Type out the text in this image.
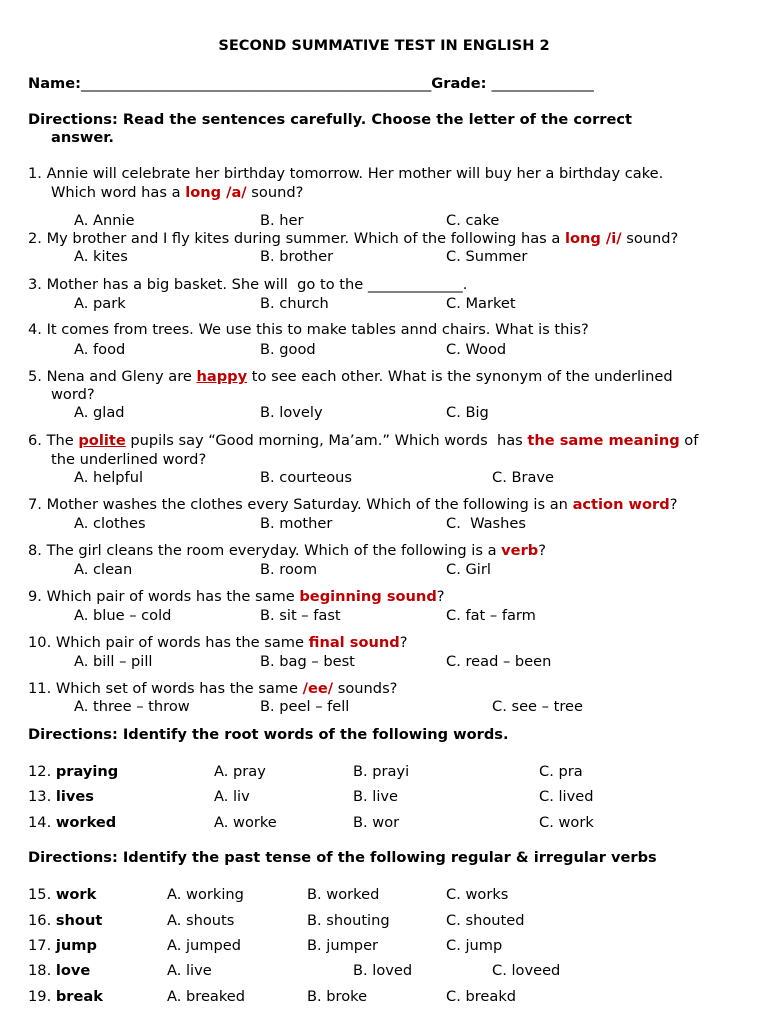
SECOND SUMMATIVE TEST IN ENGLISH 2
Name:________________________________________________Grade: ______________
Directions: Read the sentences carefully. Choose the letter of the correct
answer.
1. Annie will celebrate her birthday tomorrow. Her mother will buy her a birthday cake.
Which word has a long /a/ sound?
A. Annie	B. her	C. cake
2. My brother and I fly kites during summer. Which of the following has a long /i/ sound?
A. kites	B. brother	C. Summer
3. Mother has a big basket. She will  go to the _____________.
A. park	B. church	C. Market
4. It comes from trees. We use this to make tables annd chairs. What is this?
A. food	B. good	C. Wood
5. Nena and Gleny are happy to see each other. What is the synonym of the underlined
word?
A. glad	B. lovely	C. Big
6. The polite pupils say “Good morning, Ma’am.” Which words  has the same meaning of
the underlined word?
A. helpful	B. courteous	C. Brave
7. Mother washes the clothes every Saturday. Which of the following is an action word?
A. clothes	B. mother	C.  Washes
8. The girl cleans the room everyday. Which of the following is a verb?
A. clean	B. room	C. Girl
9. Which pair of words has the same beginning sound?
A. blue – cold	B. sit – fast	C. fat – farm
10. Which pair of words has the same final sound?
A. bill – pill	B. bag – best	C. read – been
11. Which set of words has the same /ee/ sounds?
A. three – throw	B. peel – fell	C. see – tree
Directions: Identify the root words of the following words.
12. praying	A. pray	B. prayi	C. pra
13. lives	A. liv	B. live	C. lived
14. worked	A. worke	B. wor	C. work
Directions: Identify the past tense of the following regular & irregular verbs
15. work	A. working	B. worked	C. works
16. shout	A. shouts	B. shouting	C. shouted
17. jump	A. jumped	B. jumper	C. jump
18. love	A. live	B. loved	C. loveed
19. break	A. breaked	B. broke	C. breakd
